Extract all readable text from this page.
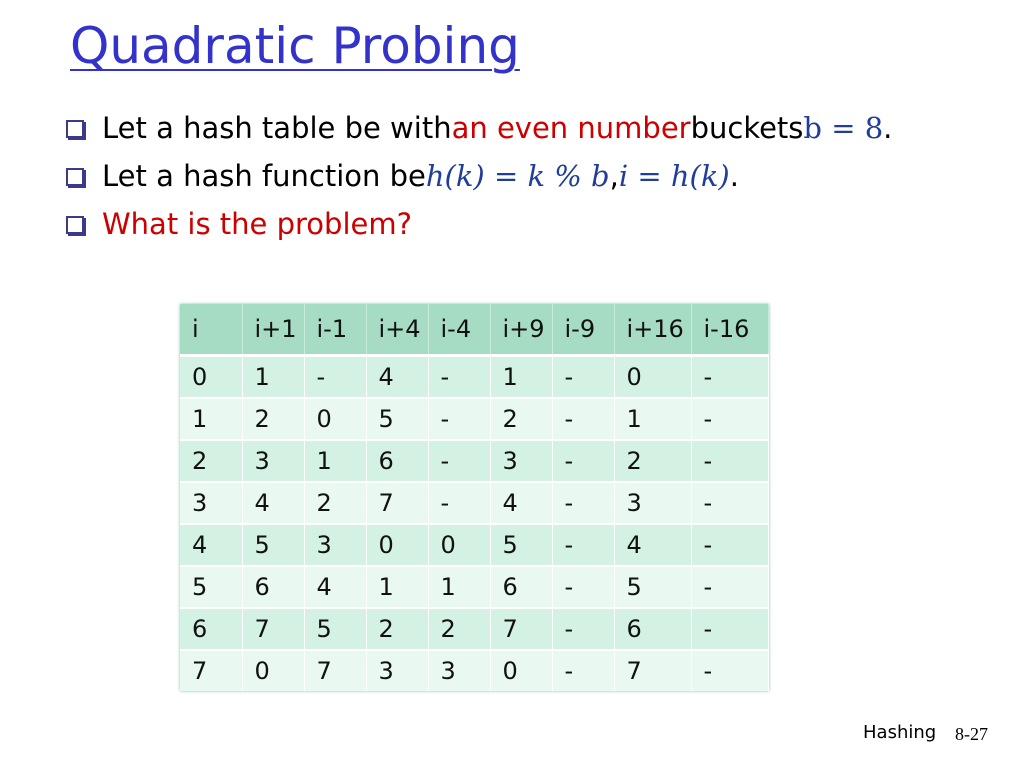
Quadratic Probing
Let a hash table be with an even number buckets b = 8 .
Let a hash function be h(k) = k % b , i = h(k) .
What is the problem?
i	i+1	i-1	i+4	i-4	i+9	i-9	i+16	i-16
0	1	-	4	-	1	-	0	-
1	2	0	5	-	2	-	1	-
2	3	1	6	-	3	-	2	-
3	4	2	7	-	4	-	3	-
4	5	3	0	0	5	-	4	-
5	6	4	1	1	6	-	5	-
6	7	5	2	2	7	-	6	-
7	0	7	3	3	0	-	7	-
Hashing 8-27
